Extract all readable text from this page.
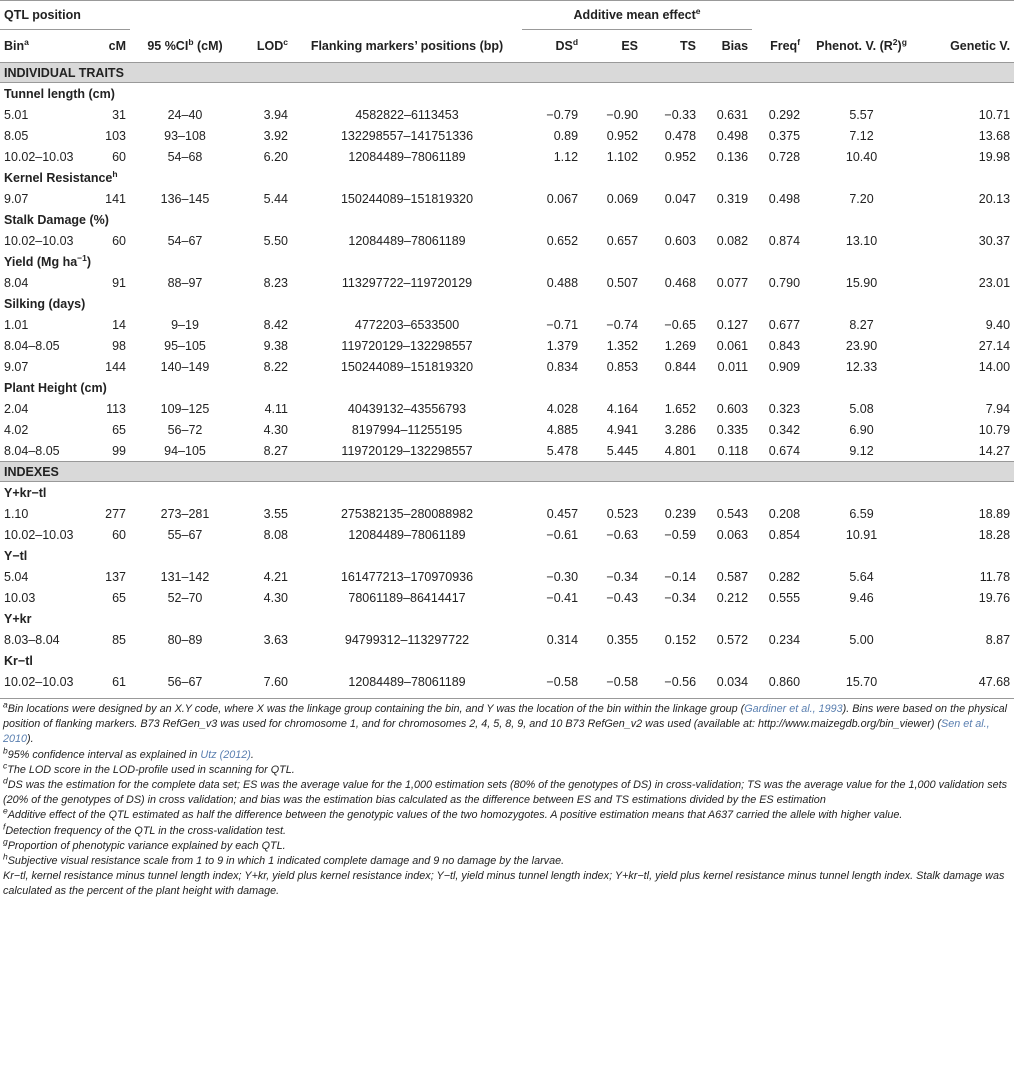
QTL position					Additive mean effect$^e$	
Bin$^a$	cM	95 $\%CI^b$ (cM)	LOD$^c$	Flanking markers’ positions (bp)	$DS^d$	ES	TS	Bias	Freq$^f$	Phenot. V. $(R^2)^g$	Genetic V.
INDIVIDUAL TRAITS											
Tunnel length (cm)											
5.01	31	24–40	3.94	4582822–6113453	−0.79	−0.90	−0.33	0.631	0.292	5.57	10.71
8.05	103	93–108	3.92	132298557–141751336	0.89	0.952	0.478	0.498	0.375	7.12	13.68
10.02–10.03	60	54–68	6.20	12084489–78061189	1.12	1.102	0.952	0.136	0.728	10.40	19.98
Kernel Resistance$^h$
9.07	141	136–145	5.44	150244089–151819320	0.067	0.069	0.047	0.319	0.498	7.20	20.13
Stalk Damage (%)											
10.02–10.03	60	54–67	5.50	12084489–78061189	0.652	0.657	0.603	0.082	0.874	13.10	30.37
Yield (Mg $ha^{-1}$)											
8.04	91	88–97	8.23	113297722–119720129	0.488	0.507	0.468	0.077	0.790	15.90	23.01
Silking (days)											
1.01	14	9–19	8.42	4772203–6533500	−0.71	−0.74	−0.65	0.127	0.677	8.27	9.40
8.04–8.05	98	95–105	9.38	119720129–132298557	1.379	1.352	1.269	0.061	0.843	23.90	27.14
9.07	144	140–149	8.22	150244089–151819320	0.834	0.853	0.844	0.011	0.909	12.33	14.00
Plant Height (cm)											
2.04	113	109–125	4.11	40439132–43556793	4.028	4.164	1.652	0.603	0.323	5.08	7.94
4.02	65	56–72	4.30	8197994–11255195	4.885	4.941	3.286	0.335	0.342	6.90	10.79
8.04–8.05	99	94–105	8.27	119720129–132298557	5.478	5.445	4.801	0.118	0.674	9.12	14.27
INDEXES											
Y+kr−tl											
1.10	277	273–281	3.55	275382135–280088982	0.457	0.523	0.239	0.543	0.208	6.59	18.89
10.02–10.03	60	55–67	8.08	12084489–78061189	−0.61	−0.63	−0.59	0.063	0.854	10.91	18.28
Y−tl											
5.04	137	131–142	4.21	161477213–170970936	−0.30	−0.34	−0.14	0.587	0.282	5.64	11.78
10.03	65	52–70	4.30	78061189–86414417	−0.41	−0.43	−0.34	0.212	0.555	9.46	19.76
Y+kr											
8.03–8.04	85	80–89	3.63	94799312–113297722	0.314	0.355	0.152	0.572	0.234	5.00	8.87
Kr−tl											
10.02–10.03	61	56–67	7.60	12084489–78061189	−0.58	−0.58	−0.56	0.034	0.860	15.70	47.68

$^a$Bin locations were designed by an X.Y code, where X was the linkage group containing the bin, and Y was the location of the bin within the linkage group (Gardiner et al., 1993). Bins were based on the physical position of flanking markers. B73 RefGen_v3 was used for chromosome 1, and for chromosomes 2, 4, 5, 8, 9, and 10 B73 RefGen_v2 was used (available at: http://www.maizegdb.org/bin_viewer) (Sen et al., 2010).

$^b$95% confidence interval as explained in Utz (2012).

$^c$The LOD score in the LOD-profile used in scanning for QTL.

$^d$DS was the estimation for the complete data set; ES was the average value for the 1,000 estimation sets (80% of the genotypes of DS) in cross-validation; TS was the average value for the 1,000 validation sets (20% of the genotypes of DS) in cross validation; and bias was the estimation bias calculated as the difference between ES and TS estimations divided by the ES estimation

$^e$Additive effect of the QTL estimated as half the difference between the genotypic values of the two homozygotes. A positive estimation means that A637 carried the allele with higher value.

$^f$Detection frequency of the QTL in the cross-validation test.

$^g$Proportion of phenotypic variance explained by each QTL.

$^h$Subjective visual resistance scale from 1 to 9 in which 1 indicated complete damage and 9 no damage by the larvae.

Kr−tl, kernel resistance minus tunnel length index; Y+kr, yield plus kernel resistance index; Y−tl, yield minus tunnel length index; Y+kr−tl, yield plus kernel resistance minus tunnel length index. Stalk damage was calculated as the percent of the plant height with damage.
